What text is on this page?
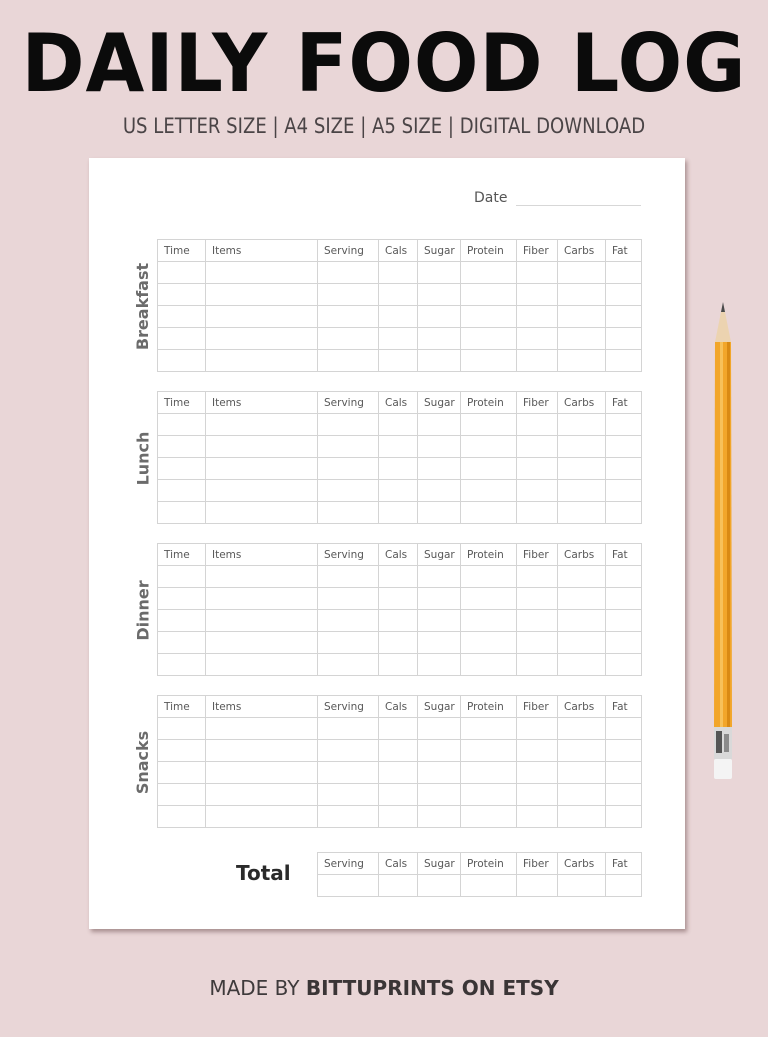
DAILY FOOD LOG
US LETTER SIZE | A4 SIZE | A5 SIZE | DIGITAL DOWNLOAD
Date
Breakfast
Time	Items	Serving	Cals	Sugar	Protein	Fiber	Carbs	Fat

Lunch
Time	Items	Serving	Cals	Sugar	Protein	Fiber	Carbs	Fat

Dinner
Time	Items	Serving	Cals	Sugar	Protein	Fiber	Carbs	Fat

Snacks
Time	Items	Serving	Cals	Sugar	Protein	Fiber	Carbs	Fat

Total	Serving	Cals	Sugar	Protein	Fiber	Carbs	Fat

MADE BY BITTUPRINTS ON ETSY
